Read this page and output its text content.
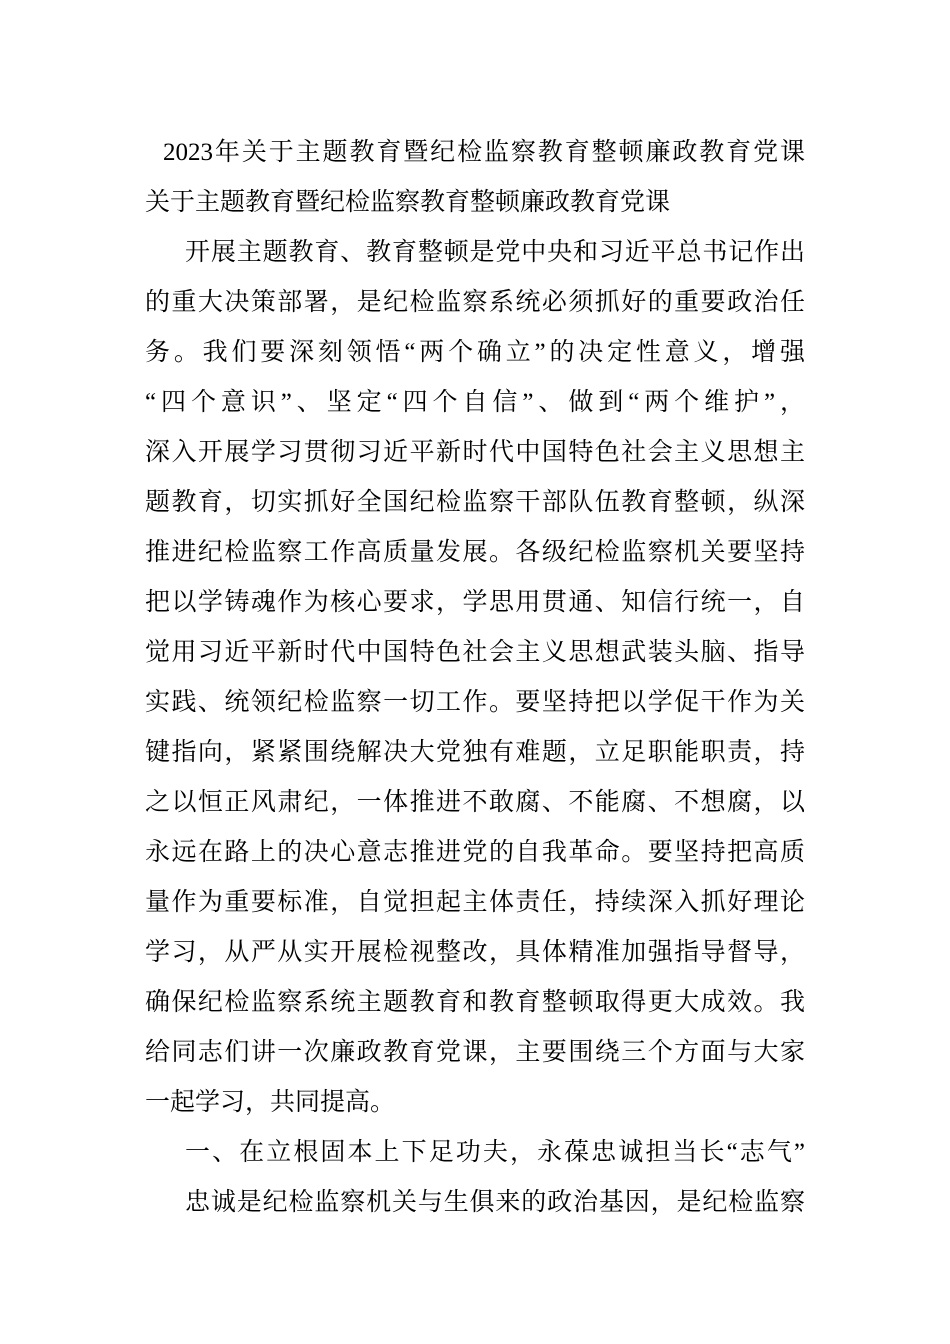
2023年关于主题教育暨纪检监察教育整顿廉政教育党课
关于主题教育暨纪检监察教育整顿廉政教育党课
开展主题教育、教育整顿是党中央和习近平总书记作出
的重大决策部署，是纪检监察系统必须抓好的重要政治任
务。我们要深刻领悟“两个确立”的决定性意义，增强
“四个意识”、坚定“四个自信”、做到“两个维护”，
深入开展学习贯彻习近平新时代中国特色社会主义思想主
题教育，切实抓好全国纪检监察干部队伍教育整顿，纵深
推进纪检监察工作高质量发展。各级纪检监察机关要坚持
把以学铸魂作为核心要求，学思用贯通、知信行统一，自
觉用习近平新时代中国特色社会主义思想武装头脑、指导
实践、统领纪检监察一切工作。要坚持把以学促干作为关
键指向，紧紧围绕解决大党独有难题，立足职能职责，持
之以恒正风肃纪，一体推进不敢腐、不能腐、不想腐，以
永远在路上的决心意志推进党的自我革命。要坚持把高质
量作为重要标准，自觉担起主体责任，持续深入抓好理论
学习，从严从实开展检视整改，具体精准加强指导督导，
确保纪检监察系统主题教育和教育整顿取得更大成效。我
给同志们讲一次廉政教育党课，主要围绕三个方面与大家
一起学习，共同提高。
一、在立根固本上下足功夫，永葆忠诚担当长“志气”
忠诚是纪检监察机关与生俱来的政治基因，是纪检监察
